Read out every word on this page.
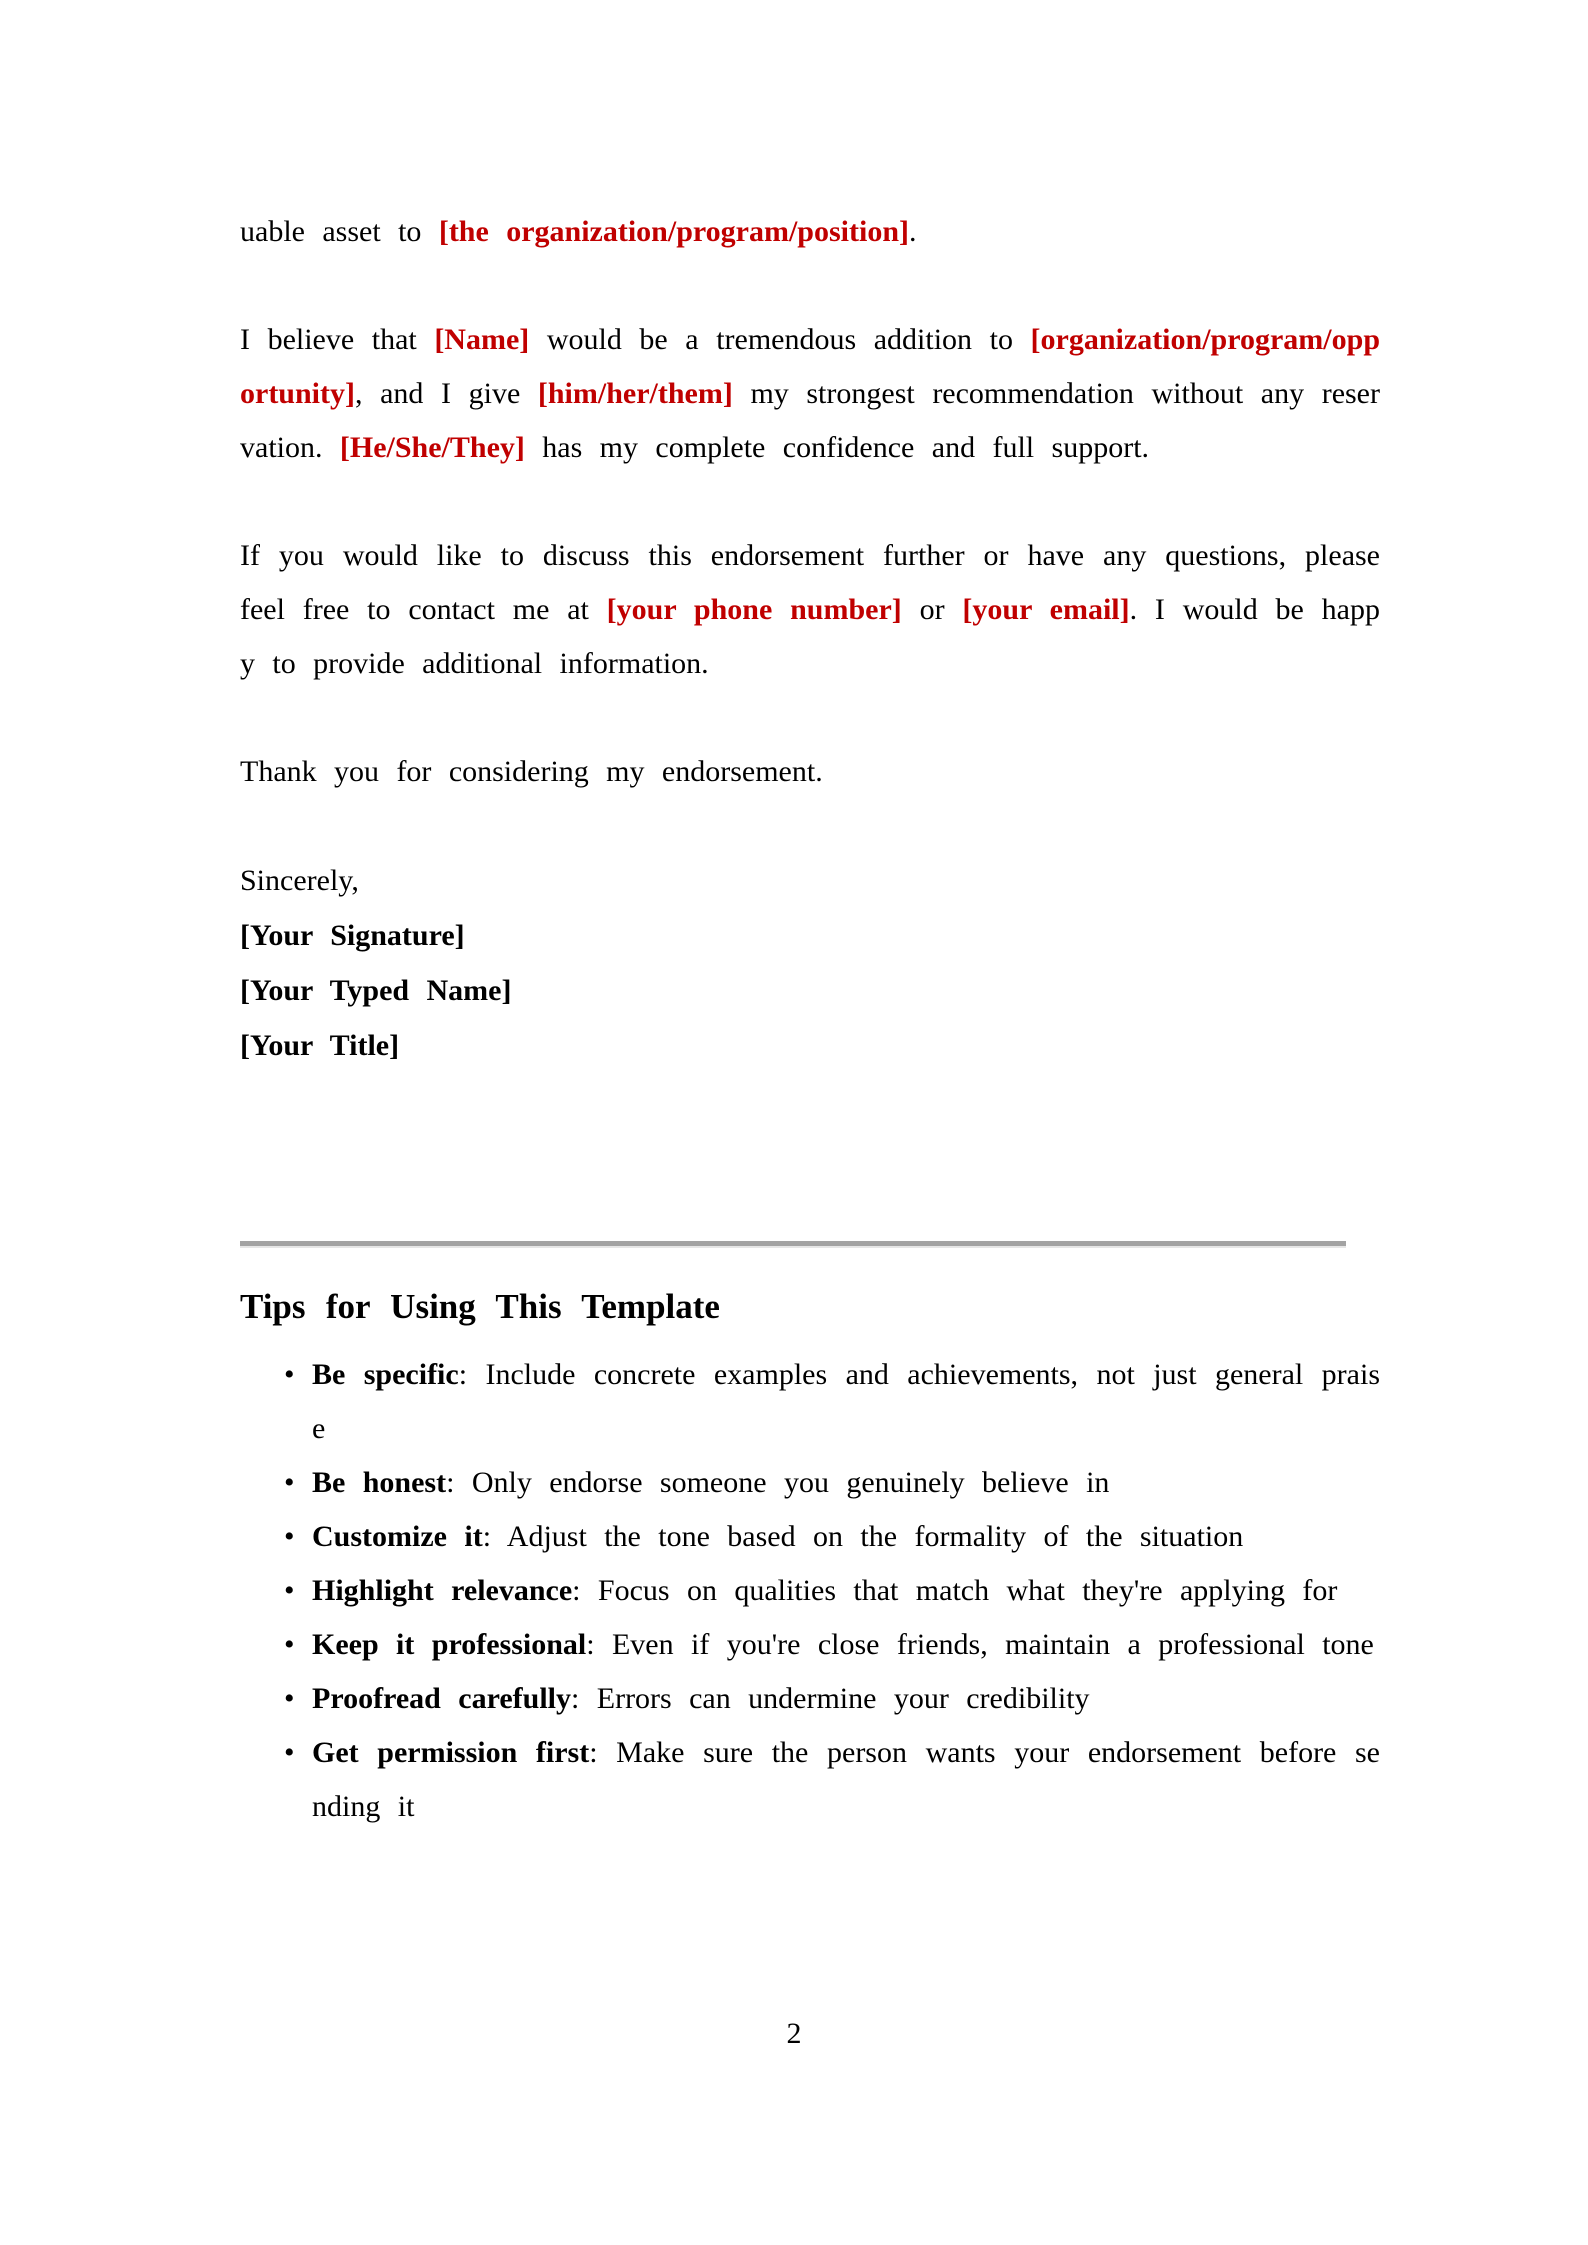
uable asset to [the organization/program/position].

I believe that [Name] would be a tremendous addition to [organization/program/opportunity], and I give [him/her/them] my strongest recommendation without any reservation. [He/She/They] has my complete confidence and full support.

If you would like to discuss this endorsement further or have any questions, please feel free to contact me at [your phone number] or [your email]. I would be happy to provide additional information.

Thank you for considering my endorsement.

Sincerely,
[Your Signature]
[Your Typed Name]
[Your Title]
Tips for Using This Template
• Be specific: Include concrete examples and achievements, not just general praise
• Be honest: Only endorse someone you genuinely believe in
• Customize it: Adjust the tone based on the formality of the situation
• Highlight relevance: Focus on qualities that match what they're applying for
• Keep it professional: Even if you're close friends, maintain a professional tone
• Proofread carefully: Errors can undermine your credibility
• Get permission first: Make sure the person wants your endorsement before sending it
2
